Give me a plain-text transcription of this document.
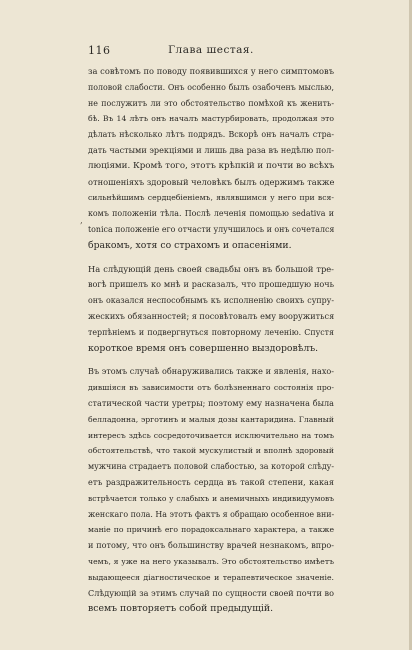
116	Глава шестая.
,
за совѣтомъ по поводу появившихся у него симптомовъ
половой слабости. Онъ особенно былъ озабоченъ мыслью,
не послужитъ ли это обстоятельство помѣхой къ женить-
бѣ. Въ 14 лѣтъ онъ началъ мастурбировать, продолжая это
дѣлать нѣсколько лѣтъ подрядъ. Вскорѣ онъ началъ стра-
дать частыми эрекціями и лишь два раза въ недѣлю пол-
люціями. Кромѣ того, этотъ крѣпкій и почти во всѣхъ
отношеніяхъ здоровый человѣкъ былъ одержимъ также
сильнѣйшимъ сердцебіеніемъ, являвшимся у него при вся-
комъ положеніи тѣла. Послѣ леченія помощью sedativa и
tonica положеніе его отчасти улучшилось и онъ сочетался
бракомъ, хотя со страхомъ и опасеніями.
На слѣдующій день своей свадьбы онъ въ большой тре-
вогѣ пришелъ ко мнѣ и расказалъ, что прошедшую ночь
онъ оказался неспособнымъ къ исполненію своихъ супру-
жескихъ обязанностей; я посовѣтовалъ ему вооружиться
терпѣніемъ и подвергнуться повторному леченію. Спустя
короткое время онъ совершенно выздоровѣлъ.
Въ этомъ случаѣ обнаруживались также и явленія, нахо-
дившіяся въ зависимости отъ болѣзненнаго состоянія про-
статической части уретры; поэтому ему назначена была
белладонна, эрготинъ и малыя дозы кантаридина. Главный
интересъ здѣсь сосредоточивается исключительно на томъ
обстоятельствѣ, что такой мускулистый и вполнѣ здоровый
мужчина страдаетъ половой слабостью, за которой слѣду-
етъ раздражительность сердца въ такой степени, какая
встрѣчается только у слабыхъ и анемичныхъ индивидуумовъ
женскаго пола. На этотъ фактъ я обращаю особенное вни-
маніе по причинѣ его порадоксальнаго характера, а также
и потому, что онъ большинству врачей незнакомъ, впро-
чемъ, я уже на него указывалъ. Это обстоятельство имѣетъ
выдающееся діагностическое и терапевтическое значеніе.
Слѣдующій за этимъ случай по сущности своей почти во
всемъ повторяетъ собой предыдущій.
